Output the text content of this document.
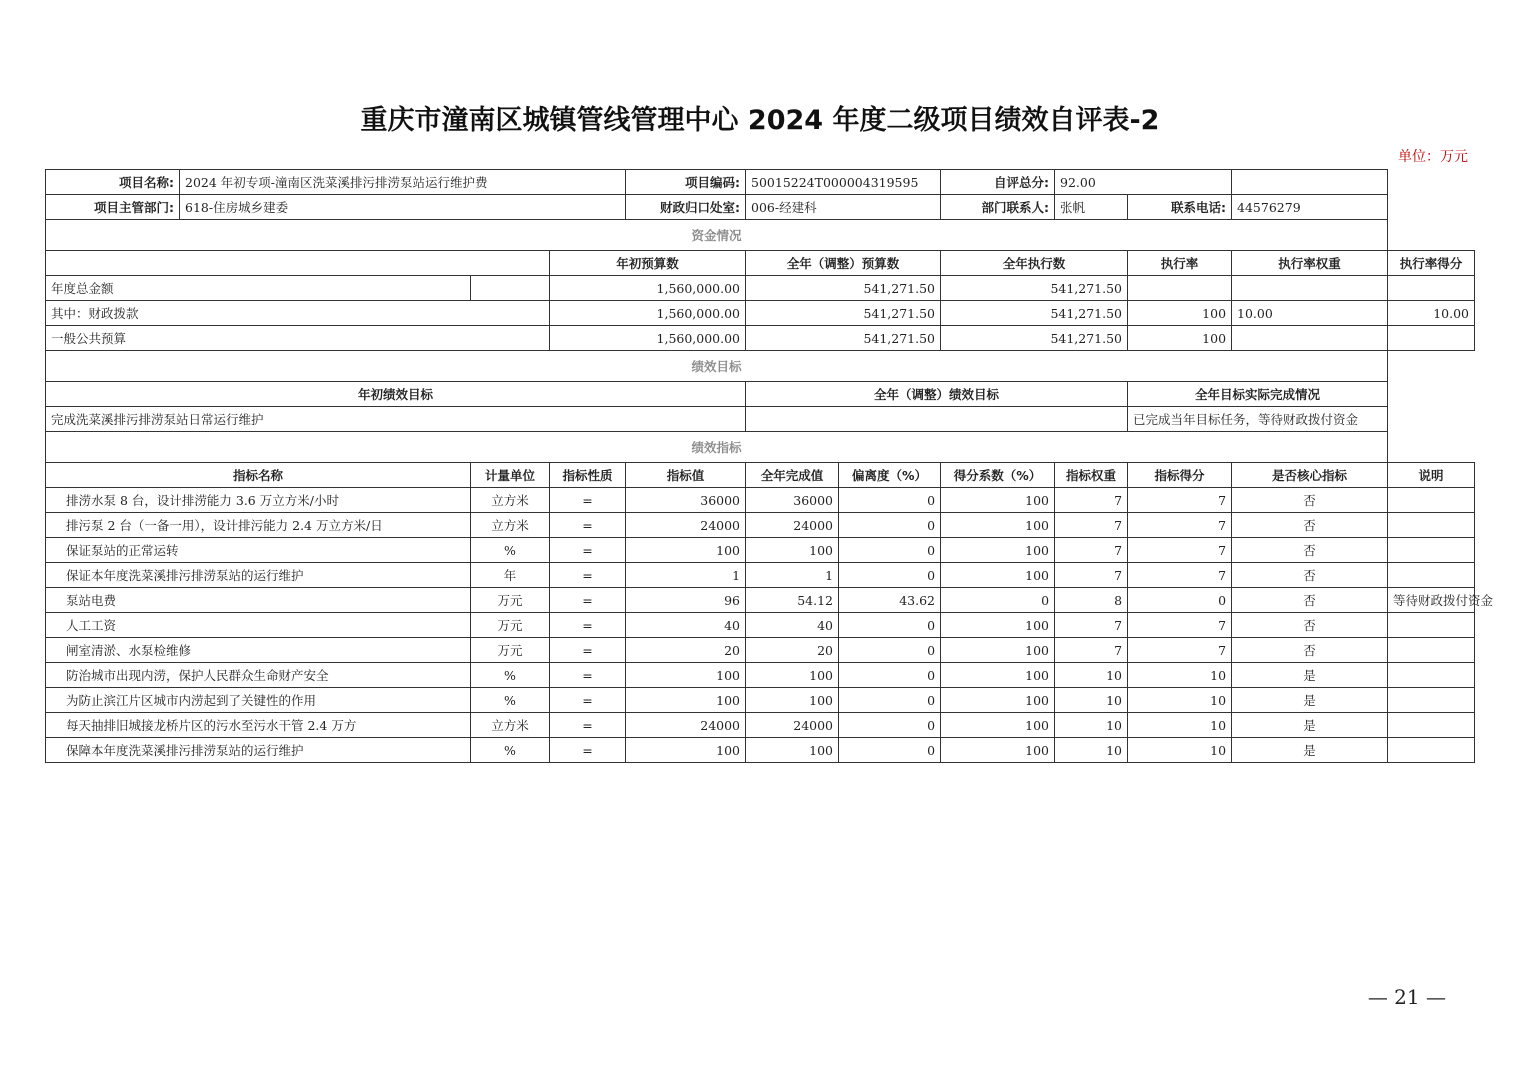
重庆市潼南区城镇管线管理中心 2024 年度二级项目绩效自评表-2
单位：万元
项目名称:	2024 年初专项-潼南区洗菜溪排污排涝泵站运行维护费			项目编码:	50015224T000004319595		自评总分:	92.00			
项目主管部门:	618-住房城乡建委			财政归口处室:	006-经建科		部门联系人:	张帆	联系电话:	44576279	
资金情况											
			年初预算数		全年（调整）预算数		全年执行数		执行率	执行率权重	执行率得分
年度总金额			1,560,000.00		541,271.50		541,271.50				
其中：财政拨款			1,560,000.00		541,271.50		541,271.50		100	10.00	10.00
一般公共预算			1,560,000.00		541,271.50		541,271.50		100		
绩效目标											
年初绩效目标					全年（调整）绩效目标				全年目标实际完成情况		
完成洗菜溪排污排涝泵站日常运行维护									已完成当年目标任务，等待财政拨付资金		
绩效指标											
指标名称		计量单位	指标性质	指标值	全年完成值	偏离度（%）	得分系数（%）	指标权重	指标得分	是否核心指标	说明
排涝水泵 8 台，设计排涝能力 3.6 万立方米/小时		立方米	=	36000	36000	0	100	7	7	否	
排污泵 2 台（一备一用），设计排污能力 2.4 万立方米/日		立方米	=	24000	24000	0	100	7	7	否	
保证泵站的正常运转		%	=	100	100	0	100	7	7	否	
保证本年度洗菜溪排污排涝泵站的运行维护		年	=	1	1	0	100	7	7	否	
泵站电费		万元	=	96	54.12	43.62	0	8	0	否	等待财政拨付资金
人工工资		万元	=	40	40	0	100	7	7	否	
闸室清淤、水泵检维修		万元	=	20	20	0	100	7	7	否	
防治城市出现内涝，保护人民群众生命财产安全		%	=	100	100	0	100	10	10	是	
为防止滨江片区城市内涝起到了关键性的作用		%	=	100	100	0	100	10	10	是	
每天抽排旧城接龙桥片区的污水至污水干管 2.4 万方		立方米	=	24000	24000	0	100	10	10	是	
保障本年度洗菜溪排污排涝泵站的运行维护		%	=	100	100	0	100	10	10	是	
— 21 —
